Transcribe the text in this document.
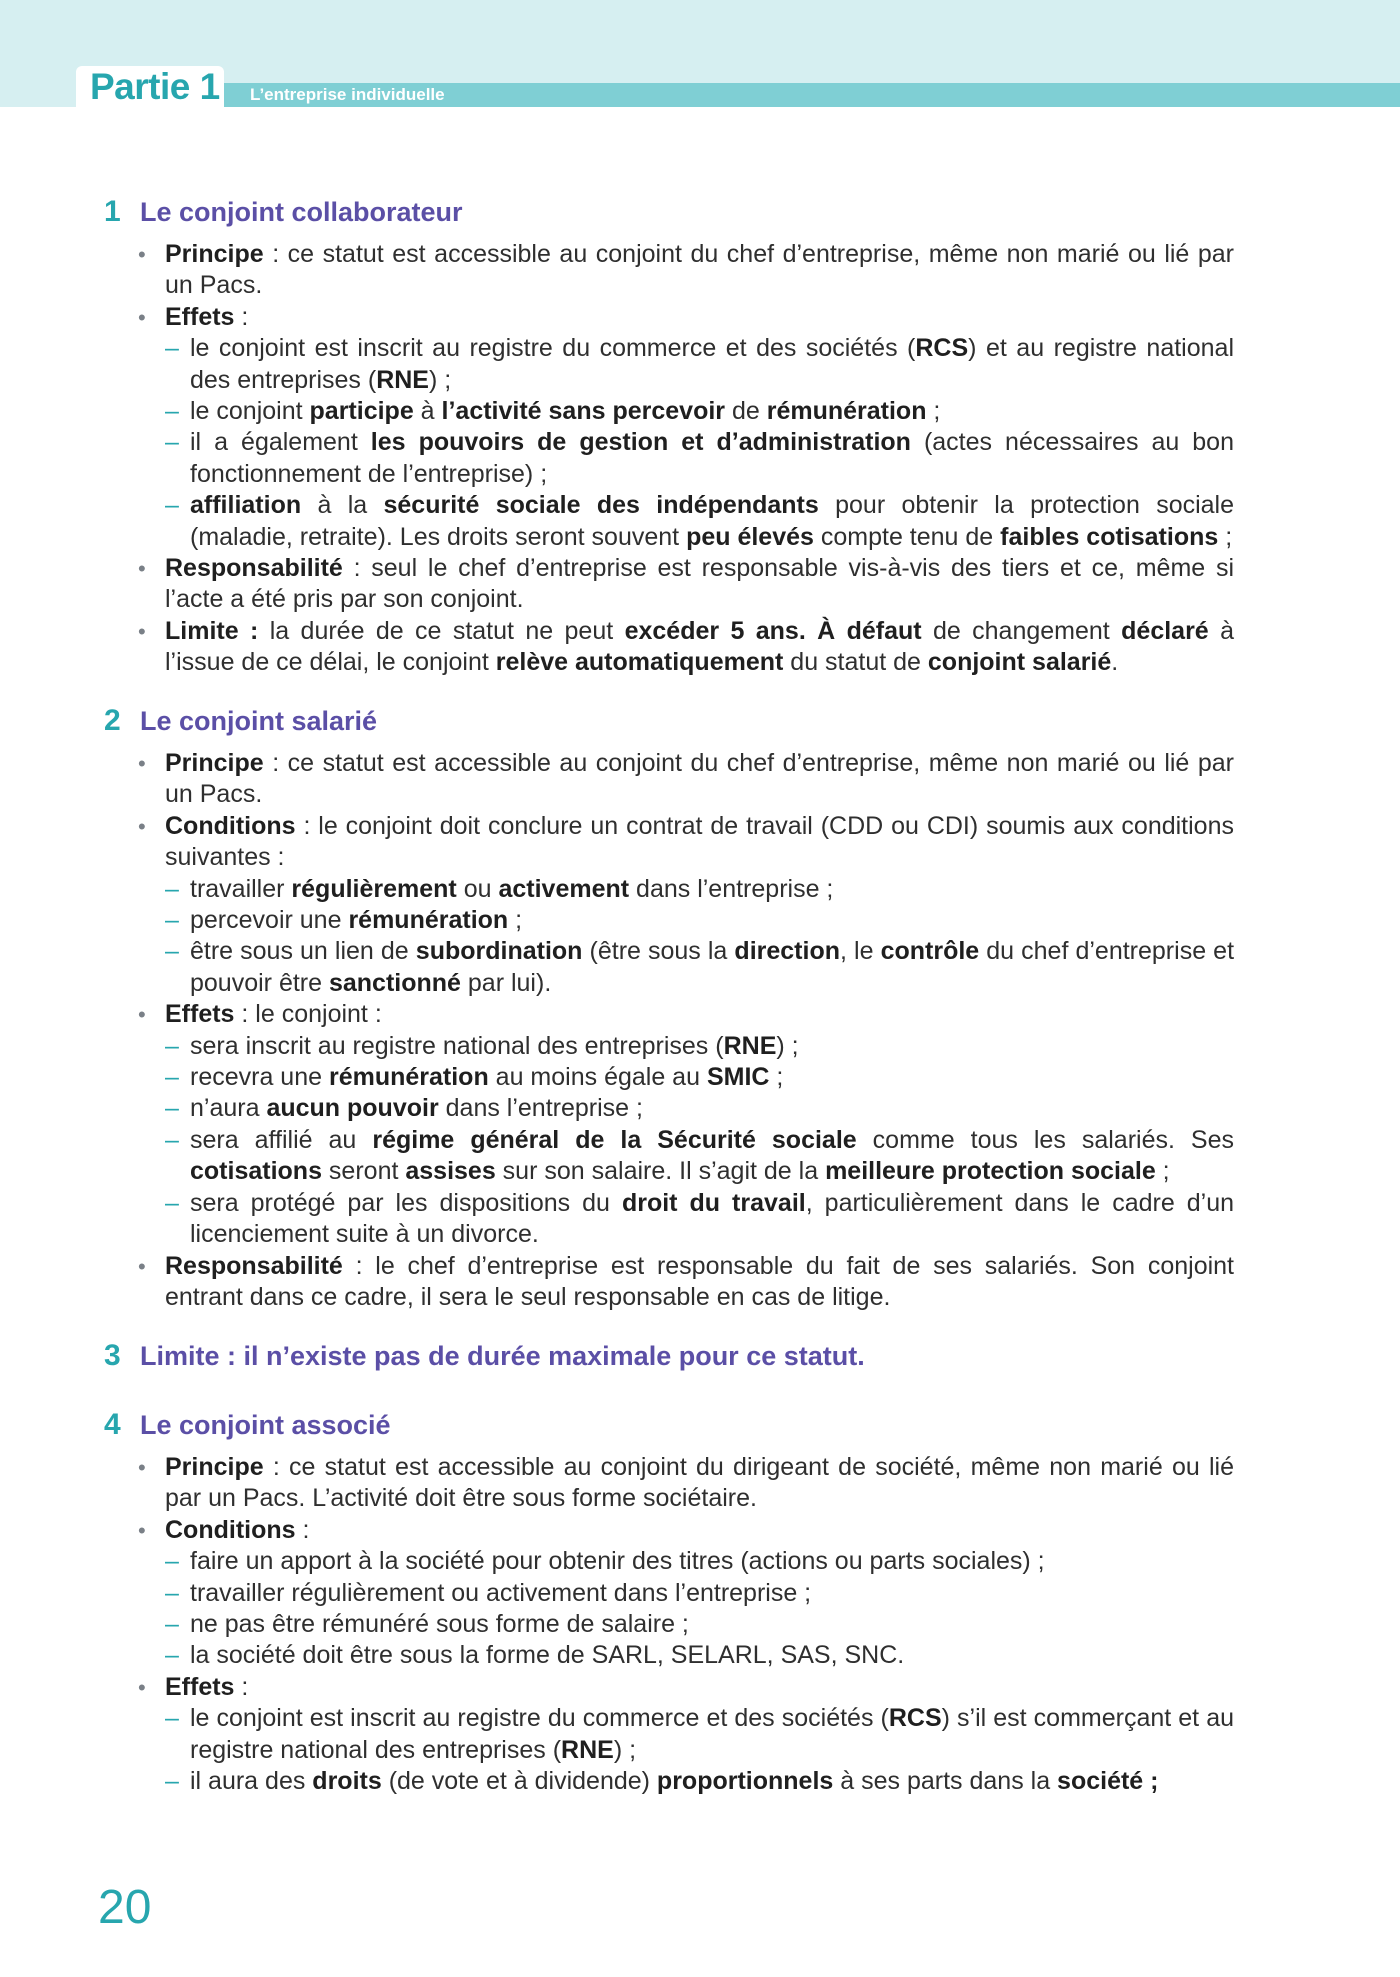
Partie 1 L’entreprise individuelle
1 Le conjoint collaborateur
• Principe : ce statut est accessible au conjoint du chef d’entreprise, même non marié ou lié par un Pacs.
• Effets :
– le conjoint est inscrit au registre du commerce et des sociétés (RCS) et au registre national des entreprises (RNE) ;
– le conjoint participe à l’activité sans percevoir de rémunération ;
– il a également les pouvoirs de gestion et d’administration (actes nécessaires au bon fonctionnement de l’entreprise) ;
– affiliation à la sécurité sociale des indépendants pour obtenir la protection sociale (maladie, retraite). Les droits seront souvent peu élevés compte tenu de faibles cotisations ;
• Responsabilité : seul le chef d’entreprise est responsable vis-à-vis des tiers et ce, même si l’acte a été pris par son conjoint.
• Limite : la durée de ce statut ne peut excéder 5 ans. À défaut de changement déclaré à l’issue de ce délai, le conjoint relève automatiquement du statut de conjoint salarié.
2 Le conjoint salarié
• Principe : ce statut est accessible au conjoint du chef d’entreprise, même non marié ou lié par un Pacs.
• Conditions : le conjoint doit conclure un contrat de travail (CDD ou CDI) soumis aux conditions suivantes :
– travailler régulièrement ou activement dans l’entreprise ;
– percevoir une rémunération ;
– être sous un lien de subordination (être sous la direction, le contrôle du chef d’entreprise et pouvoir être sanctionné par lui).
• Effets : le conjoint :
– sera inscrit au registre national des entreprises (RNE) ;
– recevra une rémunération au moins égale au SMIC ;
– n’aura aucun pouvoir dans l’entreprise ;
– sera affilié au régime général de la Sécurité sociale comme tous les salariés. Ses cotisations seront assises sur son salaire. Il s’agit de la meilleure protection sociale ;
– sera protégé par les dispositions du droit du travail, particulièrement dans le cadre d’un licenciement suite à un divorce.
• Responsabilité : le chef d’entreprise est responsable du fait de ses salariés. Son conjoint entrant dans ce cadre, il sera le seul responsable en cas de litige.
3 Limite : il n’existe pas de durée maximale pour ce statut.
4 Le conjoint associé
• Principe : ce statut est accessible au conjoint du dirigeant de société, même non marié ou lié par un Pacs. L’activité doit être sous forme sociétaire.
• Conditions :
– faire un apport à la société pour obtenir des titres (actions ou parts sociales) ;
– travailler régulièrement ou activement dans l’entreprise ;
– ne pas être rémunéré sous forme de salaire ;
– la société doit être sous la forme de SARL, SELARL, SAS, SNC.
• Effets :
– le conjoint est inscrit au registre du commerce et des sociétés (RCS) s’il est commerçant et au registre national des entreprises (RNE) ;
– il aura des droits (de vote et à dividende) proportionnels à ses parts dans la société ;
20
